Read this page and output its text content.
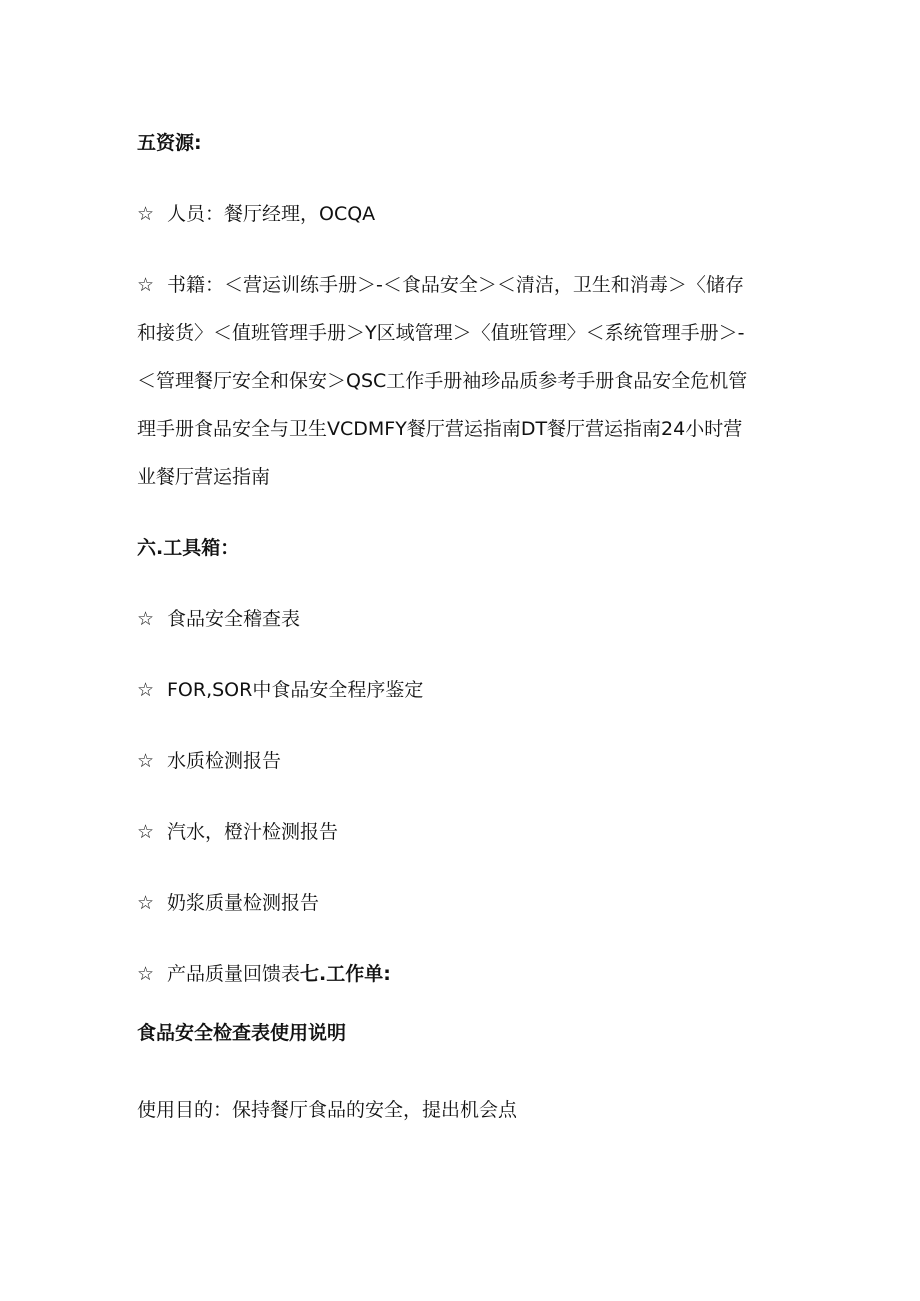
五资源:
☆ 人员：餐厅经理，OCQA
☆ 书籍：＜营运训练手册＞-＜食品安全＞＜清洁，卫生和消毒＞〈储存
和接货〉＜值班管理手册＞Y区域管理＞〈值班管理〉＜系统管理手册＞-
＜管理餐厅安全和保安＞QSC工作手册袖珍品质参考手册食品安全危机管
理手册食品安全与卫生VCDMFY餐厅营运指南DT餐厅营运指南24小时营
业餐厅营运指南
六.工具箱：
☆ 食品安全稽查表
☆ FOR,SOR中食品安全程序鉴定
☆ 水质检测报告
☆ 汽水，橙汁检测报告
☆ 奶浆质量检测报告
☆ 产品质量回馈表七.工作单:
食品安全检查表使用说明
使用目的：保持餐厅食品的安全，提出机会点
